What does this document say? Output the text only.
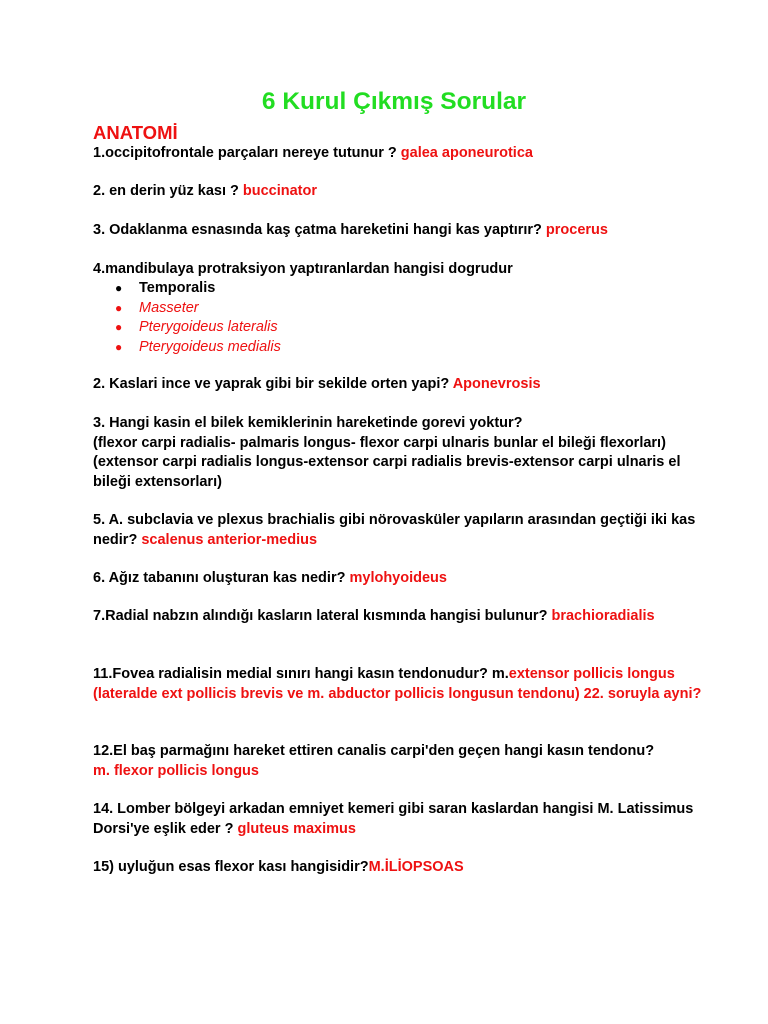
6 Kurul Çıkmış Sorular
ANATOMİ
1.occipitofrontale parçaları nereye tutunur ? galea aponeurotica
2. en derin yüz kası ? buccinator
3. Odaklanma esnasında kaş çatma hareketini hangi kas yaptırır? procerus
4.mandibulaya protraksiyon yaptıranlardan hangisi dogrudur
● Temporalis
● Masseter
● Pterygoideus lateralis
● Pterygoideus medialis
2. Kaslari ince ve yaprak gibi bir sekilde orten yapi? Aponevrosis
3. Hangi kasin el bilek kemiklerinin hareketinde gorevi yoktur?
(flexor carpi radialis- palmaris longus- flexor carpi ulnaris bunlar el bileği flexorları)(extensor carpi radialis longus-extensor carpi radialis brevis-extensor carpi ulnaris el bileği extensorları)
5. A. subclavia ve plexus brachialis gibi nörovasküler yapıların arasından geçtiği iki kas nedir? scalenus anterior-medius
6. Ağız tabanını oluşturan kas nedir? mylohyoideus
7.Radial nabzın alındığı kasların lateral kısmında hangisi bulunur? brachioradialis
11.Fovea radialisin medial sınırı hangi kasın tendonudur? m.extensor pollicis longus (lateralde ext pollicis brevis ve m. abductor pollicis longusun tendonu) 22. soruyla ayni?
12.El baş parmağını hareket ettiren canalis carpi'den geçen hangi kasın tendonu?
m. flexor pollicis longus
14. Lomber bölgeyi arkadan emniyet kemeri gibi saran kaslardan hangisi M. Latissimus Dorsi'ye eşlik eder ? gluteus maximus
15) uyluğun esas flexor kası hangisidir?M.İLİOPSOAS
